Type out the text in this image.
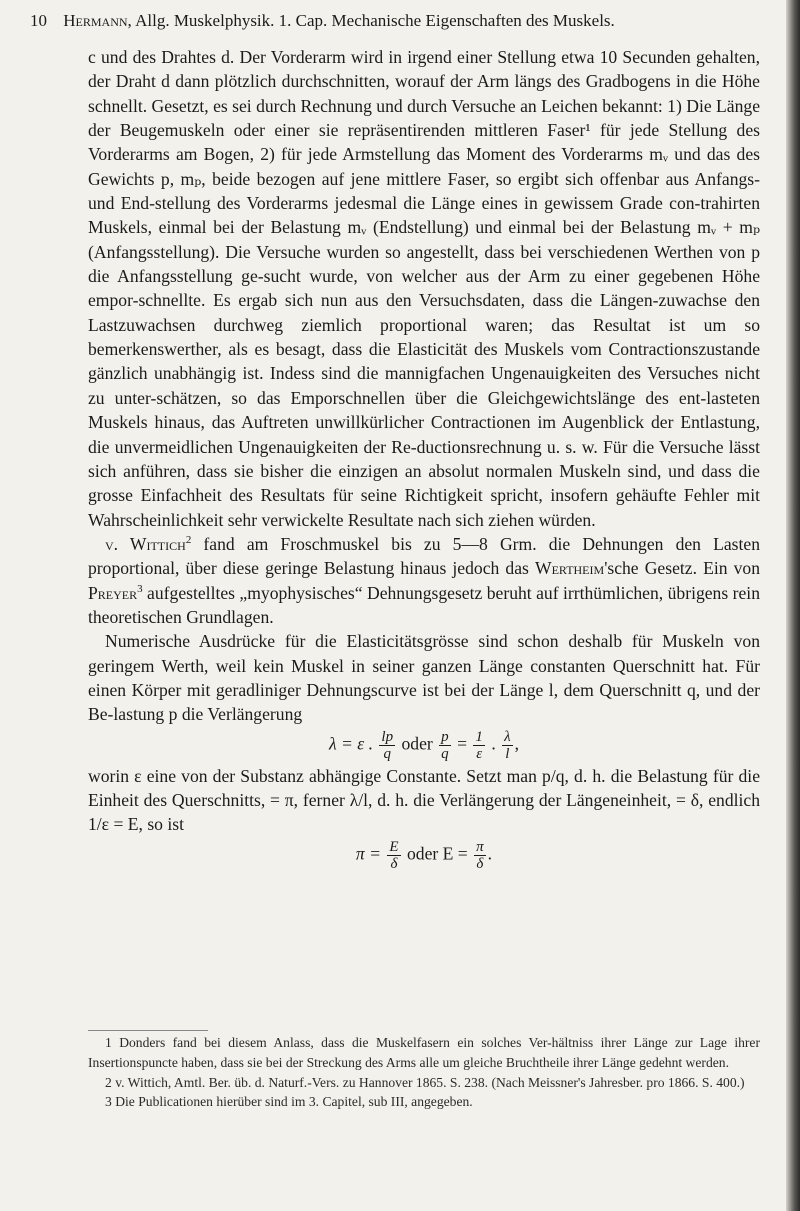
10 Hermann, Allg. Muskelphysik. 1. Cap. Mechanische Eigenschaften des Muskels.

c und des Drahtes d. Der Vorderarm wird in irgend einer Stellung etwa 10 Secunden gehalten, der Draht d dann plötzlich durchschnitten, worauf der Arm längs des Gradbogens in die Höhe schnellt. Gesetzt, es sei durch Rechnung und durch Versuche an Leichen bekannt: 1) Die Länge der Beugemuskeln oder einer sie repräsentirenden mittleren Faser¹ für jede Stellung des Vorderarms am Bogen, 2) für jede Armstellung das Moment des Vorderarms mᵥ und das des Gewichts p, mₚ, beide bezogen auf jene mittlere Faser, so ergibt sich offenbar aus Anfangs- und End-stellung des Vorderarms jedesmal die Länge eines in gewissem Grade con-trahirten Muskels, einmal bei der Belastung mᵥ (Endstellung) und einmal bei der Belastung mᵥ + mₚ (Anfangsstellung). Die Versuche wurden so angestellt, dass bei verschiedenen Werthen von p die Anfangsstellung ge-sucht wurde, von welcher aus der Arm zu einer gegebenen Höhe empor-schnellte. Es ergab sich nun aus den Versuchsdaten, dass die Längen-zuwachse den Lastzuwachsen durchweg ziemlich proportional waren; das Resultat ist um so bemerkenswerther, als es besagt, dass die Elasticität des Muskels vom Contractionszustande gänzlich unabhängig ist. Indess sind die mannigfachen Ungenauigkeiten des Versuches nicht zu unter-schätzen, so das Emporschnellen über die Gleichgewichtslänge des ent-lasteten Muskels hinaus, das Auftreten unwillkürlicher Contractionen im Augenblick der Entlastung, die unvermeidlichen Ungenauigkeiten der Re-ductionsrechnung u. s. w. Für die Versuche lässt sich anführen, dass sie bisher die einzigen an absolut normalen Muskeln sind, und dass die grosse Einfachheit des Resultats für seine Richtigkeit spricht, insofern gehäufte Fehler mit Wahrscheinlichkeit sehr verwickelte Resultate nach sich ziehen würden.

v. Wittich$^2$ fand am Froschmuskel bis zu 5—8 Grm. die Dehnungen den Lasten proportional, über diese geringe Belastung hinaus jedoch das Wertheim'sche Gesetz. Ein von Preyer$^3$ aufgestelltes „myophysisches“ Dehnungsgesetz beruht auf irrthümlichen, übrigens rein theoretischen Grundlagen.

Numerische Ausdrücke für die Elasticitätsgrösse sind schon deshalb für Muskeln von geringem Werth, weil kein Muskel in seiner ganzen Länge constanten Querschnitt hat. Für einen Körper mit geradliniger Dehnungscurve ist bei der Länge l, dem Querschnitt q, und der Be-lastung p die Verlängerung

λ = ε . $\frac{lp}{q}$ oder $\frac{p}{q} = \frac{1}{\varepsilon}$ . $\frac{\lambda}{l}$ ,

worin ε eine von der Substanz abhängige Constante. Setzt man p/q, d. h. die Belastung für die Einheit des Querschnitts, = π, ferner λ/l, d. h. die Verlängerung der Längeneinheit, = δ, endlich 1/ε = E, so ist

$\pi = \frac{E}{\delta}$ oder $E = \frac{\pi}{\delta}$ .

1 Donders fand bei diesem Anlass, dass die Muskelfasern ein solches Ver-hältniss ihrer Länge zur Lage ihrer Insertionspuncte haben, dass sie bei der Streckung des Arms alle um gleiche Bruchtheile ihrer Länge gedehnt werden.

2 v. Wittich, Amtl. Ber. üb. d. Naturf.-Vers. zu Hannover 1865. S. 238. (Nach Meissner's Jahresber. pro 1866. S. 400.)

3 Die Publicationen hierüber sind im 3. Capitel, sub III, angegeben.
